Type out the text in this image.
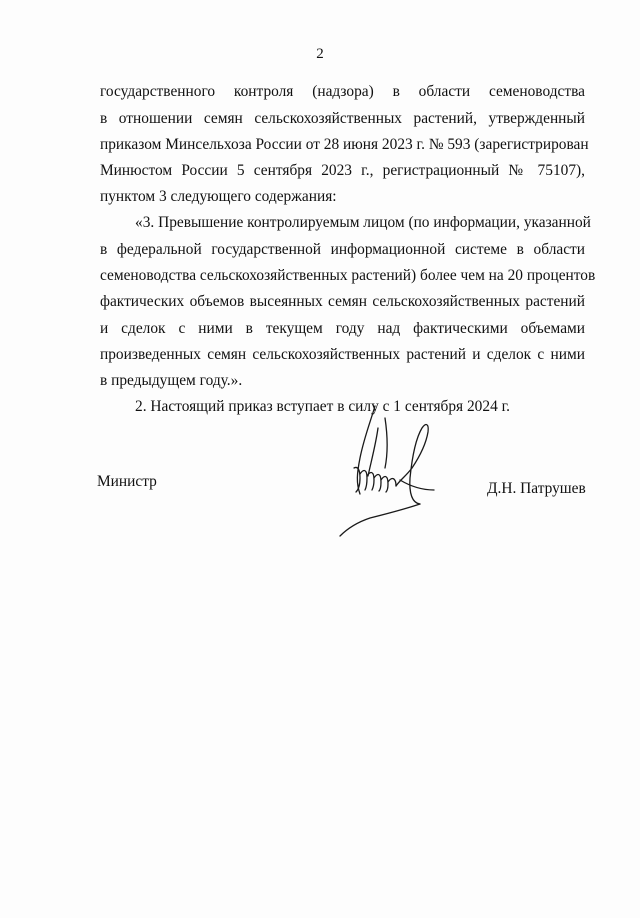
2
государственного контроля (надзора) в области семеноводства
в отношении семян сельскохозяйственных растений, утвержденный
приказом Минсельхоза России от 28 июня 2023 г. № 593 (зарегистрирован
Минюстом России 5 сентября 2023 г., регистрационный № 75107),
пунктом 3 следующего содержания:
«3. Превышение контролируемым лицом (по информации, указанной
в федеральной государственной информационной системе в области
семеноводства сельскохозяйственных растений) более чем на 20 процентов
фактических объемов высеянных семян сельскохозяйственных растений
и сделок с ними в текущем году над фактическими объемами
произведенных семян сельскохозяйственных растений и сделок с ними
в предыдущем году.».
2. Настоящий приказ вступает в силу с 1 сентября 2024 г.
Министр	Д.Н. Патрушев
